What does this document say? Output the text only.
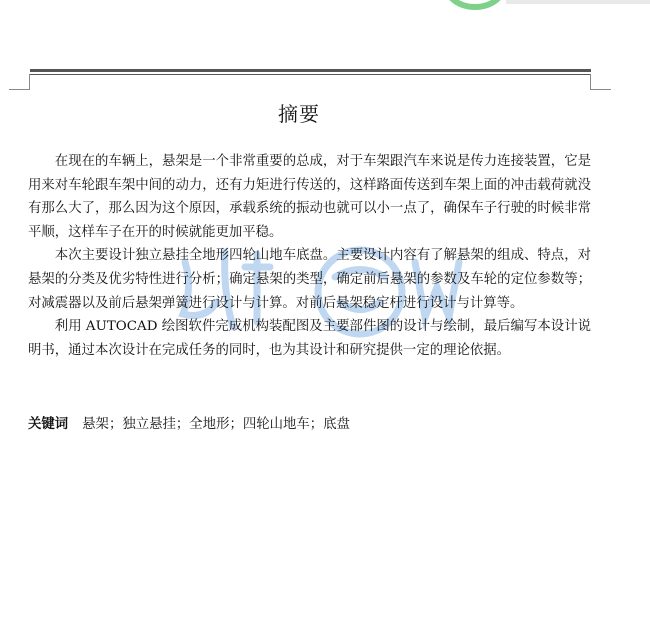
摘要

在现在的车辆上，悬架是一个非常重要的总成，对于车架跟汽车来说是传力连接装置，它是用来对车轮跟车架中间的动力，还有力矩进行传送的，这样路面传送到车架上面的冲击载荷就没有那么大了，那么因为这个原因，承载系统的振动也就可以小一点了，确保车子行驶的时候非常平顺，这样车子在开的时候就能更加平稳。

本次主要设计独立悬挂全地形四轮山地车底盘。主要设计内容有了解悬架的组成、特点，对悬架的分类及优劣特性进行分析；确定悬架的类型，确定前后悬架的参数及车轮的定位参数等；对减震器以及前后悬架弹簧进行设计与计算。对前后悬架稳定杆进行设计与计算等。

利用 AUTOCAD 绘图软件完成机构装配图及主要部件图的设计与绘制，最后编写本设计说明书，通过本次设计在完成任务的同时，也为其设计和研究提供一定的理论依据。

关键词 悬架；独立悬挂；全地形；四轮山地车；底盘
